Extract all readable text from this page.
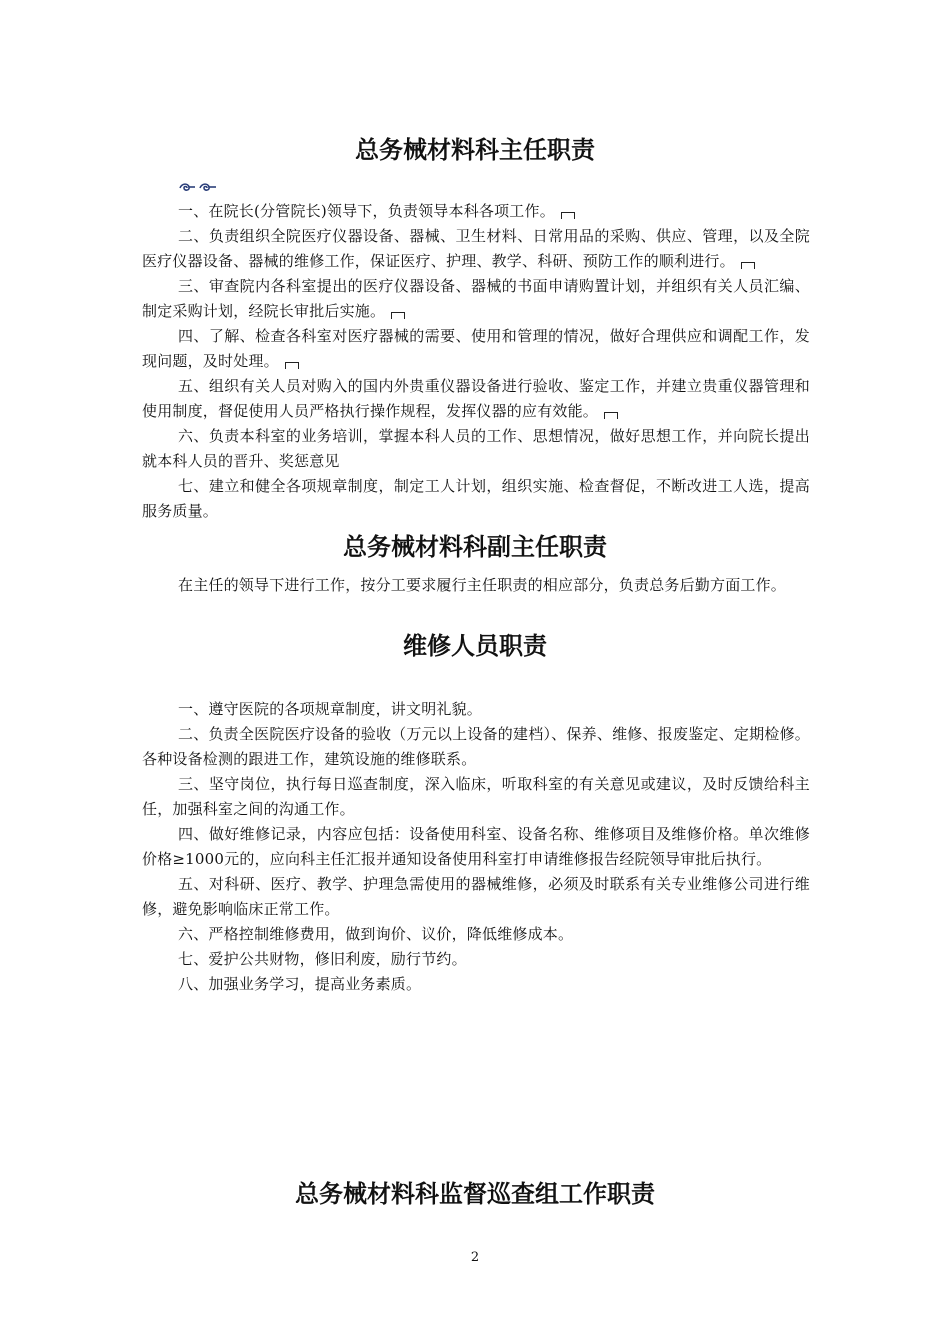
总务械材料科主任职责

一、在院长(分管院长)领导下，负责领导本科各项工作。

二、负责组织全院医疗仪器设备、器械、卫生材料、日常用品的采购、供应、管理，以及全院医疗仪器设备、器械的维修工作，保证医疗、护理、教学、科研、预防工作的顺利进行。

三、审查院内各科室提出的医疗仪器设备、器械的书面申请购置计划，并组织有关人员汇编、制定采购计划，经院长审批后实施。

四、了解、检查各科室对医疗器械的需要、使用和管理的情况，做好合理供应和调配工作，发现问题，及时处理。

五、组织有关人员对购入的国内外贵重仪器设备进行验收、鉴定工作，并建立贵重仪器管理和使用制度，督促使用人员严格执行操作规程，发挥仪器的应有效能。

六、负责本科室的业务培训，掌握本科人员的工作、思想情况，做好思想工作，并向院长提出就本科人员的晋升、奖惩意见

七、建立和健全各项规章制度，制定工人计划，组织实施、检查督促，不断改进工人选，提高服务质量。

总务械材料科副主任职责

在主任的领导下进行工作，按分工要求履行主任职责的相应部分，负责总务后勤方面工作。

维修人员职责

一、遵守医院的各项规章制度，讲文明礼貌。

二、负责全医院医疗设备的验收（万元以上设备的建档）、保养、维修、报废鉴定、定期检修。各种设备检测的跟进工作，建筑设施的维修联系。

三、坚守岗位，执行每日巡查制度，深入临床，听取科室的有关意见或建议，及时反馈给科主任，加强科室之间的沟通工作。

四、做好维修记录，内容应包括：设备使用科室、设备名称、维修项目及维修价格。单次维修价格≥1000元的，应向科主任汇报并通知设备使用科室打申请维修报告经院领导审批后执行。

五、对科研、医疗、教学、护理急需使用的器械维修，必须及时联系有关专业维修公司进行维修，避免影响临床正常工作。

六、严格控制维修费用，做到询价、议价，降低维修成本。

七、爱护公共财物，修旧利废，励行节约。

八、加强业务学习，提高业务素质。

总务械材料科监督巡查组工作职责
2
